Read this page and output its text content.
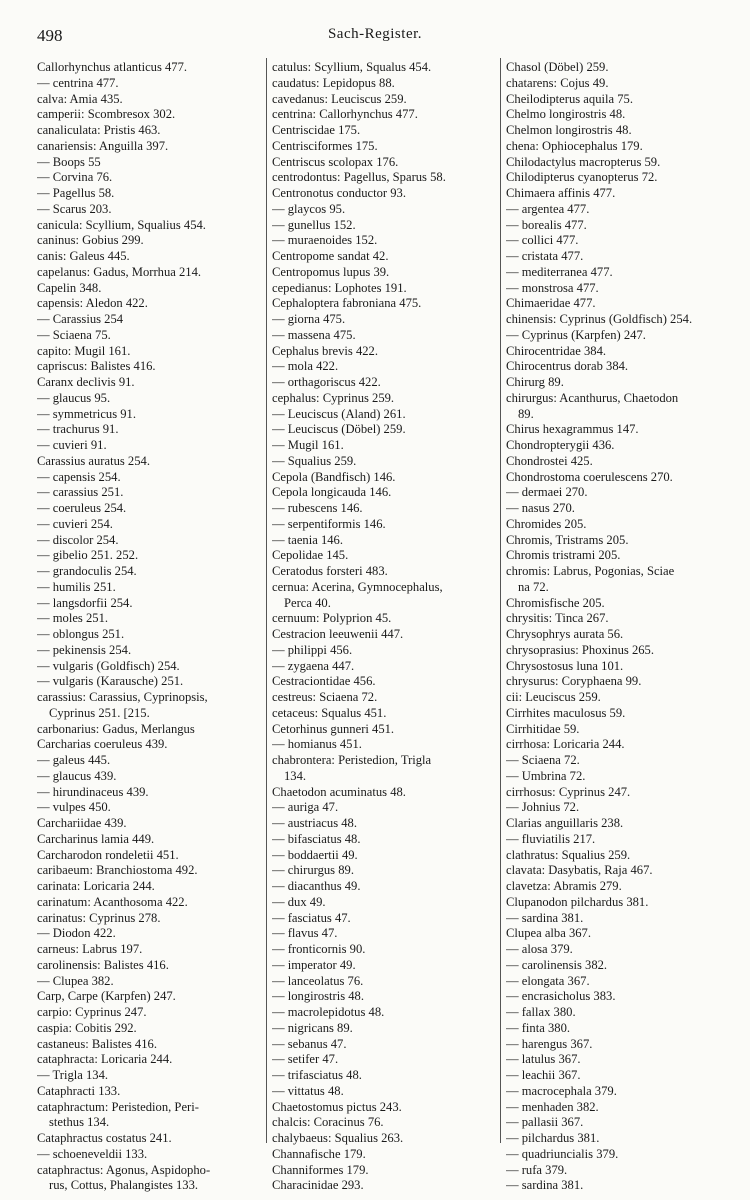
498	Sach-Register.
Callorhynchus atlanticus 477.
— centrina 477.
calva: Amia 435.
camperii: Scombresox 302.
canaliculata: Pristis 463.
canariensis: Anguilla 397.
— Boops 55
— Corvina 76.
— Pagellus 58.
— Scarus 203.
canicula: Scyllium, Squalius 454.
caninus: Gobius 299.
canis: Galeus 445.
capelanus: Gadus, Morrhua 214.
Capelin 348.
capensis: Aledon 422.
— Carassius 254
— Sciaena 75.
capito: Mugil 161.
capriscus: Balistes 416.
Caranx declivis 91.
— glaucus 95.
— symmetricus 91.
— trachurus 91.
— cuvieri 91.
Carassius auratus 254.
— capensis 254.
— carassius 251.
— coeruleus 254.
— cuvieri 254.
— discolor 254.
— gibelio 251. 252.
— grandoculis 254.
— humilis 251.
— langsdorfii 254.
— moles 251.
— oblongus 251.
— pekinensis 254.
— vulgaris (Goldfisch) 254.
— vulgaris (Karausche) 251.
carassius: Carassius, Cyprinopsis,
Cyprinus 251. [215.
carbonarius: Gadus, Merlangus
Carcharias coeruleus 439.
— galeus 445.
— glaucus 439.
— hirundinaceus 439.
— vulpes 450.
Carchariidae 439.
Carcharinus lamia 449.
Carcharodon rondeletii 451.
caribaeum: Branchiostoma 492.
carinata: Loricaria 244.
carinatum: Acanthosoma 422.
carinatus: Cyprinus 278.
— Diodon 422.
carneus: Labrus 197.
carolinensis: Balistes 416.
— Clupea 382.
Carp, Carpe (Karpfen) 247.
carpio: Cyprinus 247.
caspia: Cobitis 292.
castaneus: Balistes 416.
cataphracta: Loricaria 244.
— Trigla 134.
Cataphracti 133.
cataphractum: Peristedion, Peri-
stethus 134.
Cataphractus costatus 241.
— schoeneveldii 133.
cataphractus: Agonus, Aspidopho-
rus, Cottus, Phalangistes 133.
catulus: Scyllium, Squalus 454.
caudatus: Lepidopus 88.
cavedanus: Leuciscus 259.
centrina: Callorhynchus 477.
Centriscidae 175.
Centrisciformes 175.
Centriscus scolopax 176.
centrodontus: Pagellus, Sparus 58.
Centronotus conductor 93.
— glaycos 95.
— gunellus 152.
— muraenoides 152.
Centropome sandat 42.
Centropomus lupus 39.
cepedianus: Lophotes 191.
Cephaloptera fabroniana 475.
— giorna 475.
— massena 475.
Cephalus brevis 422.
— mola 422.
— orthagoriscus 422.
cephalus: Cyprinus 259.
— Leuciscus (Aland) 261.
— Leuciscus (Döbel) 259.
— Mugil 161.
— Squalius 259.
Cepola (Bandfisch) 146.
Cepola longicauda 146.
— rubescens 146.
— serpentiformis 146.
— taenia 146.
Cepolidae 145.
Ceratodus forsteri 483.
cernua: Acerina, Gymnocephalus,
Perca 40.
cernuum: Polyprion 45.
Cestracion leeuwenii 447.
— philippi 456.
— zygaena 447.
Cestraciontidae 456.
cestreus: Sciaena 72.
cetaceus: Squalus 451.
Cetorhinus gunneri 451.
— homianus 451.
chabrontera: Peristedion, Trigla
134.
Chaetodon acuminatus 48.
— auriga 47.
— austriacus 48.
— bifasciatus 48.
— boddaertii 49.
— chirurgus 89.
— diacanthus 49.
— dux 49.
— fasciatus 47.
— flavus 47.
— fronticornis 90.
— imperator 49.
— lanceolatus 76.
— longirostris 48.
— macrolepidotus 48.
— nigricans 89.
— sebanus 47.
— setifer 47.
— trifasciatus 48.
— vittatus 48.
Chaetostomus pictus 243.
chalcis: Coracinus 76.
chalybaeus: Squalius 263.
Channafische 179.
Channiformes 179.
Characinidae 293.
Chasol (Döbel) 259.
chatarens: Cojus 49.
Cheilodipterus aquila 75.
Chelmo longirostris 48.
Chelmon longirostris 48.
chena: Ophiocephalus 179.
Chilodactylus macropterus 59.
Chilodipterus cyanopterus 72.
Chimaera affinis 477.
— argentea 477.
— borealis 477.
— collici 477.
— cristata 477.
— mediterranea 477.
— monstrosa 477.
Chimaeridae 477.
chinensis: Cyprinus (Goldfisch) 254.
— Cyprinus (Karpfen) 247.
Chirocentridae 384.
Chirocentrus dorab 384.
Chirurg 89.
chirurgus: Acanthurus, Chaetodon
89.
Chirus hexagrammus 147.
Chondropterygii 436.
Chondrostei 425.
Chondrostoma coerulescens 270.
— dermaei 270.
— nasus 270.
Chromides 205.
Chromis, Tristrams 205.
Chromis tristrami 205.
chromis: Labrus, Pogonias, Sciae
na 72.
Chromisfische 205.
chrysitis: Tinca 267.
Chrysophrys aurata 56.
chrysoprasius: Phoxinus 265.
Chrysostosus luna 101.
chrysurus: Coryphaena 99.
cii: Leuciscus 259.
Cirrhites maculosus 59.
Cirrhitidae 59.
cirrhosa: Loricaria 244.
— Sciaena 72.
— Umbrina 72.
cirrhosus: Cyprinus 247.
— Johnius 72.
Clarias anguillaris 238.
— fluviatilis 217.
clathratus: Squalius 259.
clavata: Dasybatis, Raja 467.
clavetza: Abramis 279.
Clupanodon pilchardus 381.
— sardina 381.
Clupea alba 367.
— alosa 379.
— carolinensis 382.
— elongata 367.
— encrasicholus 383.
— fallax 380.
— finta 380.
— harengus 367.
— latulus 367.
— leachii 367.
— macrocephala 379.
— menhaden 382.
— pallasii 367.
— pilchardus 381.
— quadriuncialis 379.
— rufa 379.
— sardina 381.
